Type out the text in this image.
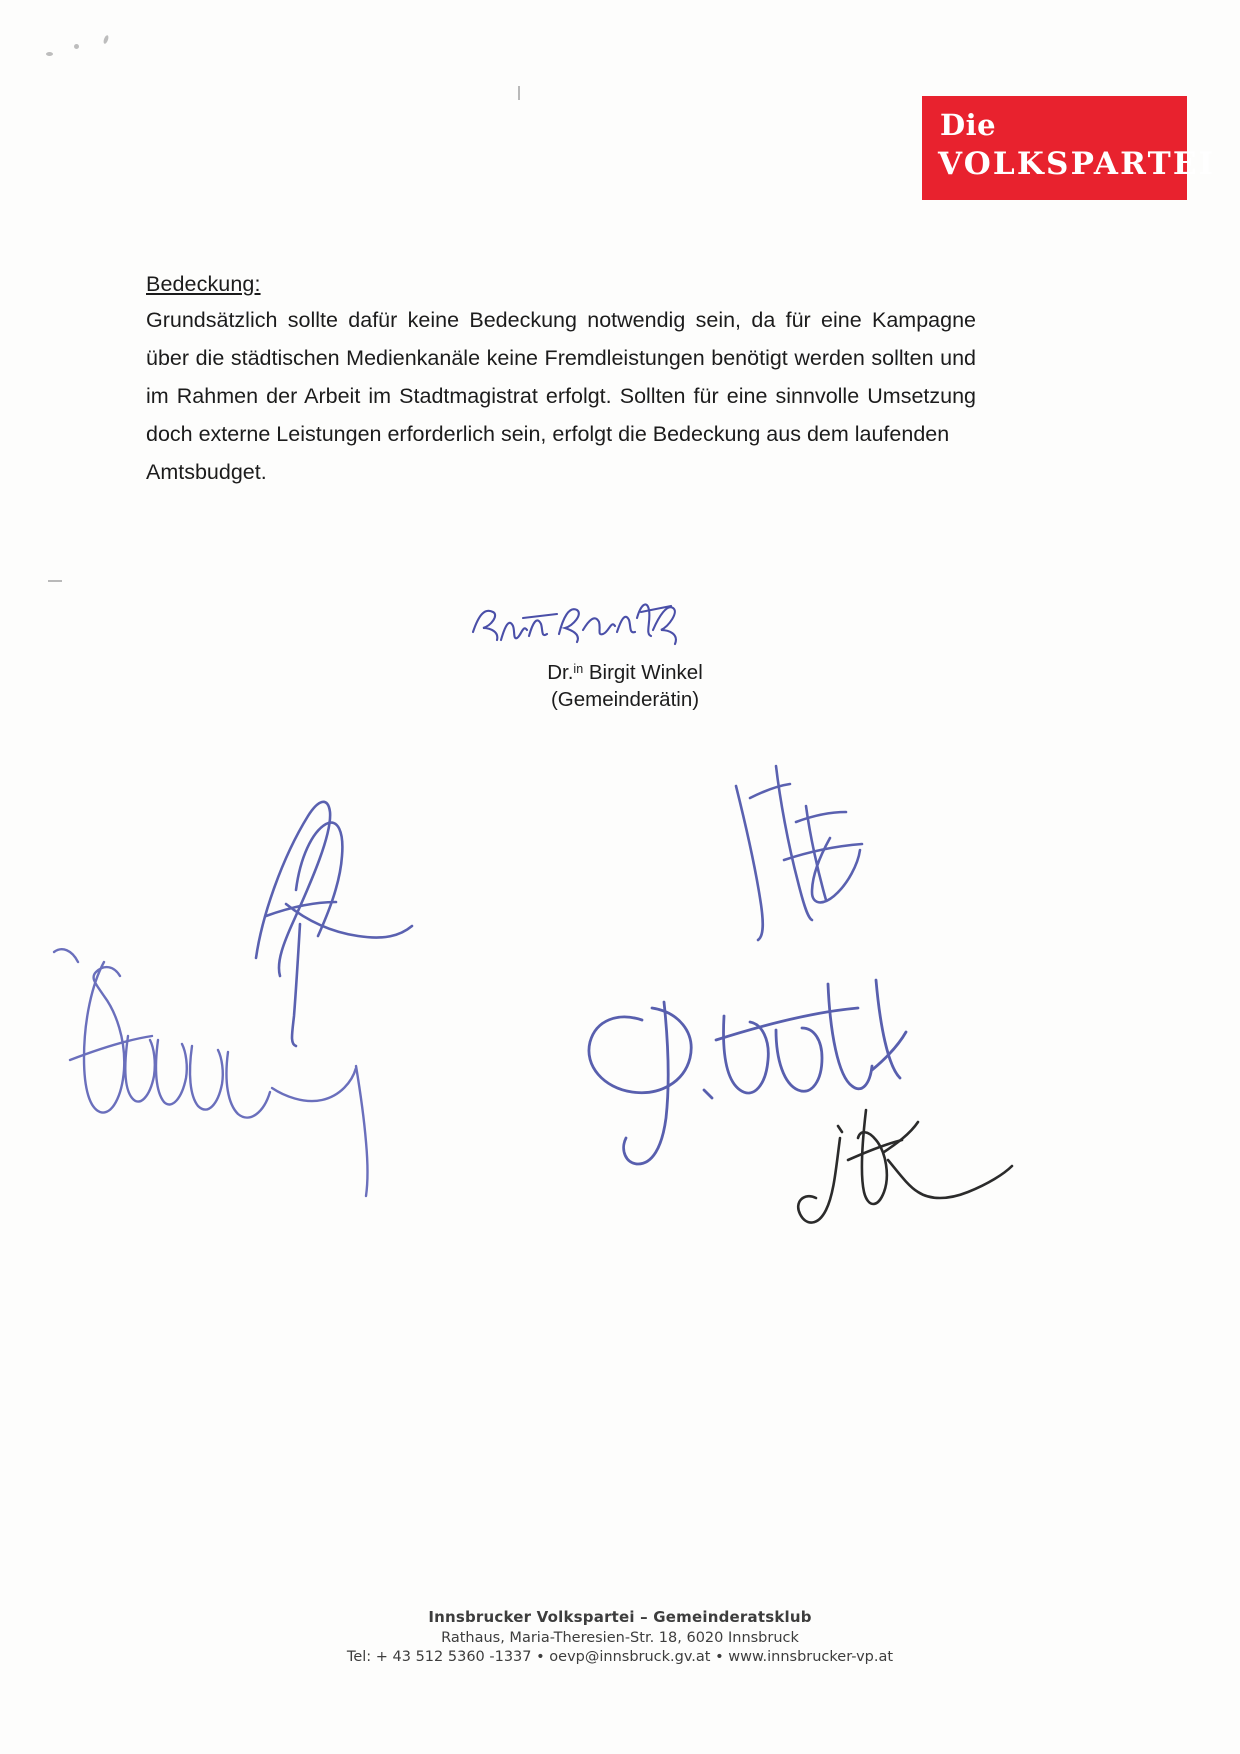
Die
VOLKSPARTEI
Bedeckung:

Grundsätzlich sollte dafür keine Bedeckung notwendig sein, da für eine Kampagne über die städtischen Medienkanäle keine Fremdleistungen benötigt werden sollten und im Rahmen der Arbeit im Stadtmagistrat erfolgt. Sollten für eine sinnvolle Umsetzung doch externe Leistungen erforderlich sein, erfolgt die Bedeckung aus dem laufenden
Amtsbudget.

Dr.$^{in}$ Birgit Winkel
(Gemeinderätin)
Innsbrucker Volkspartei – Gemeinderatsklub
Rathaus, Maria-Theresien-Str. 18, 6020 Innsbruck
Tel: + 43 512 5360 -1337 • oevp@innsbruck.gv.at • www.innsbrucker-vp.at
